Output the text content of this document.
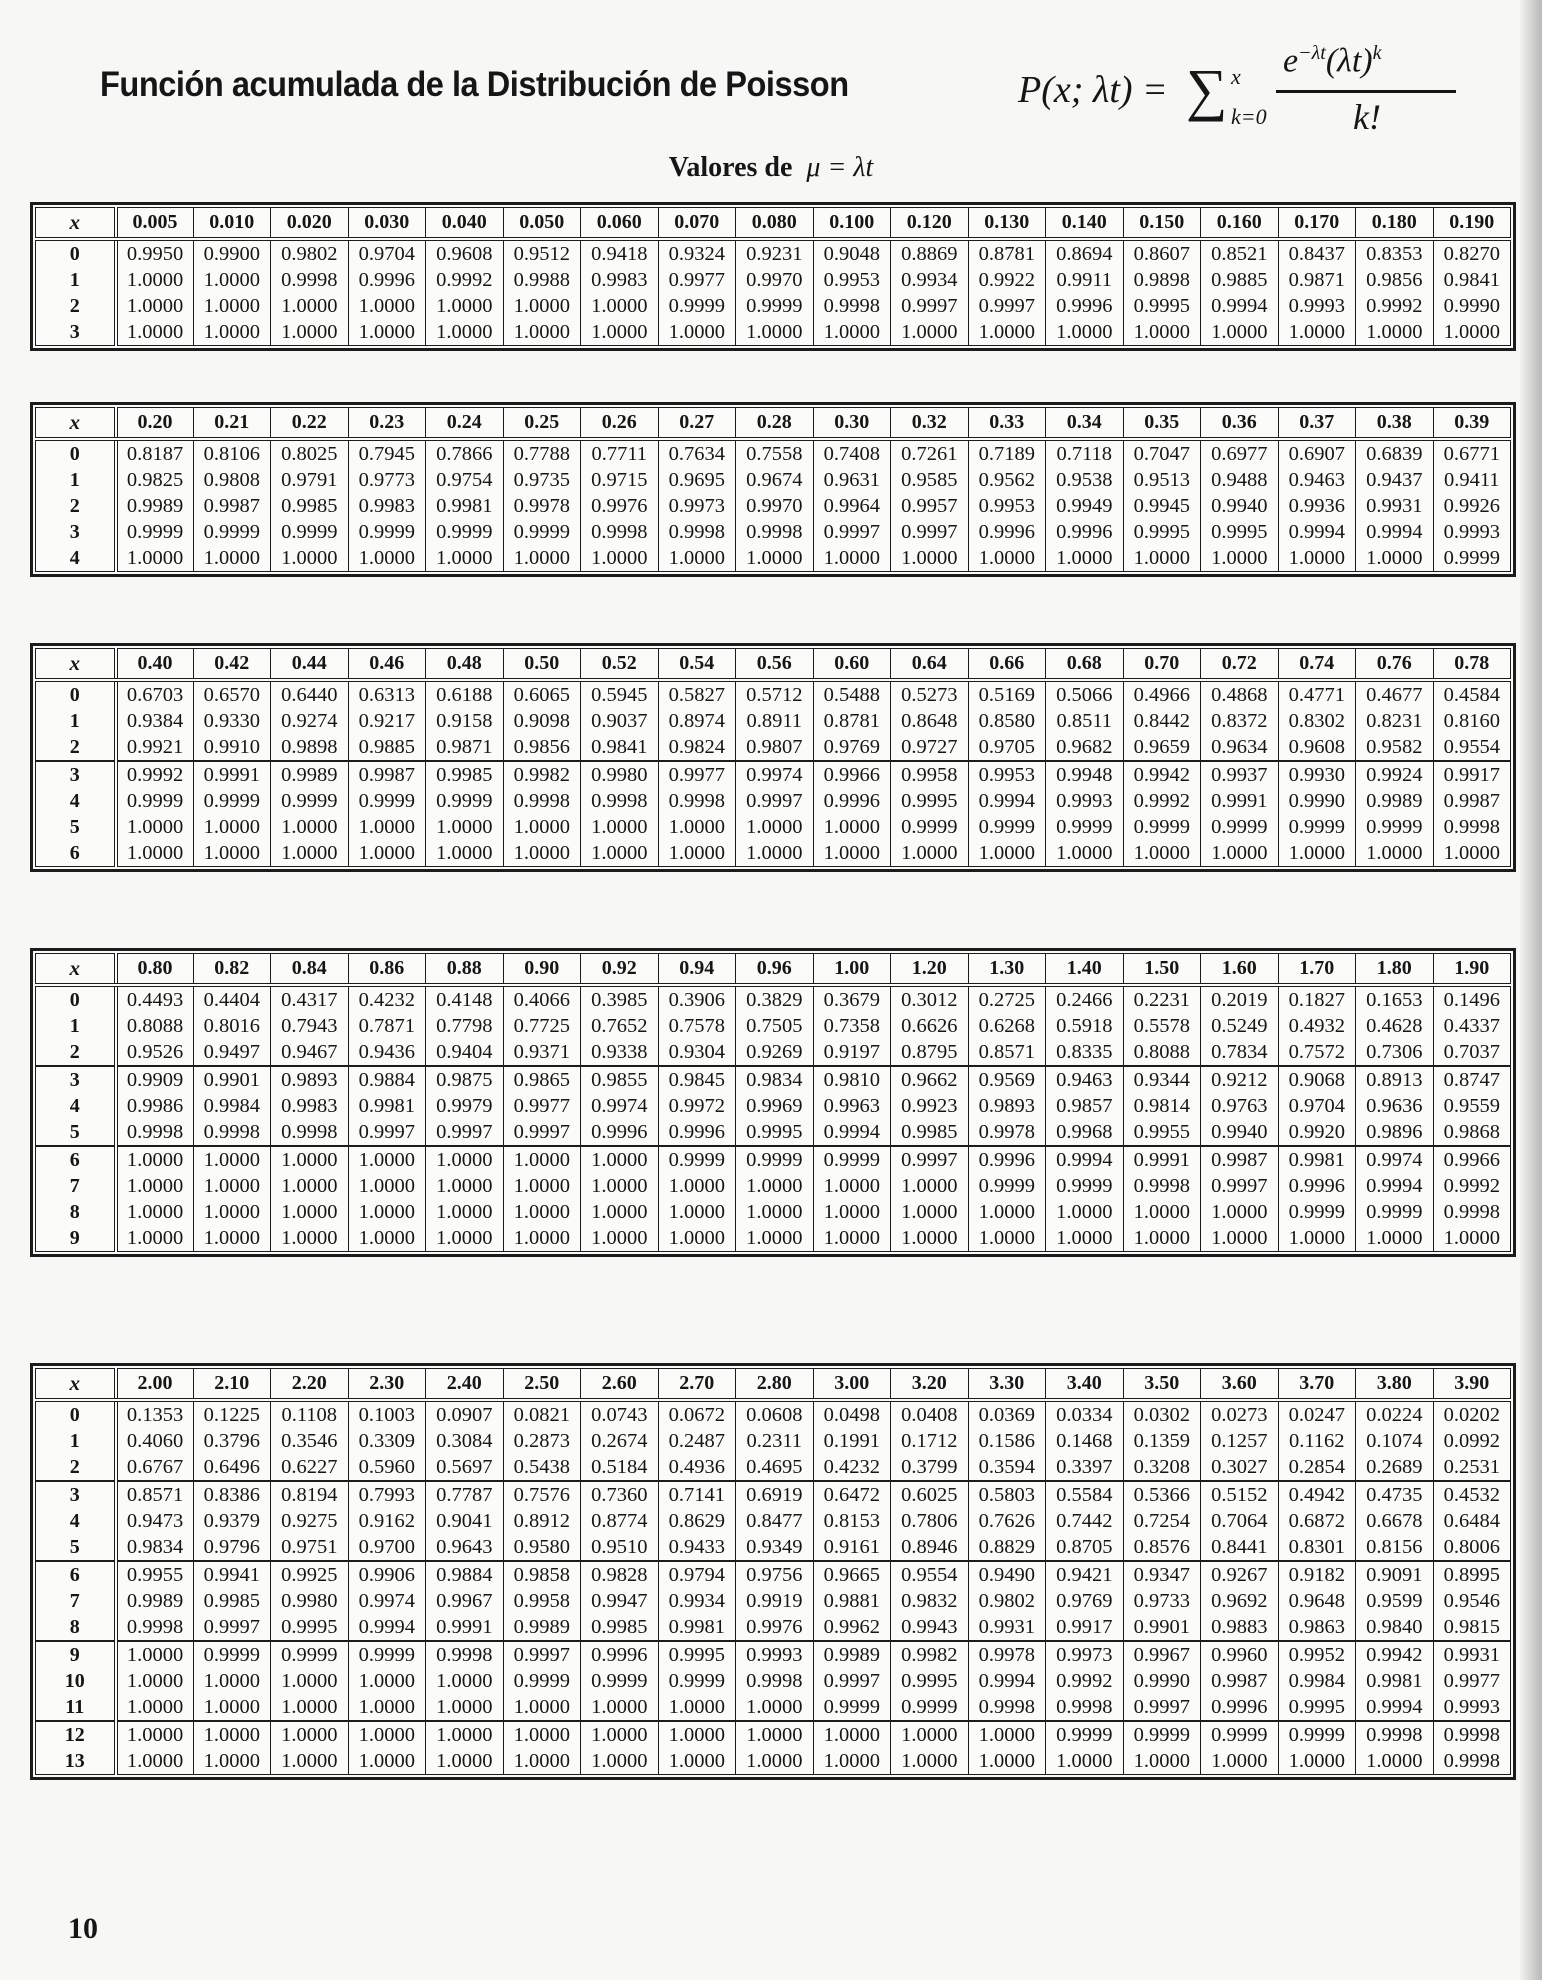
Función acumulada de la Distribución de Poisson	P(x; λt) = ∑ x
k=0
$e^{-\lambda t}(\lambda t)^k$
k!
Valores de μ = λt
x	0.005	0.010	0.020	0.030	0.040	0.050	0.060	0.070	0.080	0.100	0.120	0.130	0.140	0.150	0.160	0.170	0.180	0.190
0	0.9950	0.9900	0.9802	0.9704	0.9608	0.9512	0.9418	0.9324	0.9231	0.9048	0.8869	0.8781	0.8694	0.8607	0.8521	0.8437	0.8353	0.8270
1	1.0000	1.0000	0.9998	0.9996	0.9992	0.9988	0.9983	0.9977	0.9970	0.9953	0.9934	0.9922	0.9911	0.9898	0.9885	0.9871	0.9856	0.9841
2	1.0000	1.0000	1.0000	1.0000	1.0000	1.0000	1.0000	0.9999	0.9999	0.9998	0.9997	0.9997	0.9996	0.9995	0.9994	0.9993	0.9992	0.9990
3	1.0000	1.0000	1.0000	1.0000	1.0000	1.0000	1.0000	1.0000	1.0000	1.0000	1.0000	1.0000	1.0000	1.0000	1.0000	1.0000	1.0000	1.0000
x	0.20	0.21	0.22	0.23	0.24	0.25	0.26	0.27	0.28	0.30	0.32	0.33	0.34	0.35	0.36	0.37	0.38	0.39
0	0.8187	0.8106	0.8025	0.7945	0.7866	0.7788	0.7711	0.7634	0.7558	0.7408	0.7261	0.7189	0.7118	0.7047	0.6977	0.6907	0.6839	0.6771
1	0.9825	0.9808	0.9791	0.9773	0.9754	0.9735	0.9715	0.9695	0.9674	0.9631	0.9585	0.9562	0.9538	0.9513	0.9488	0.9463	0.9437	0.9411
2	0.9989	0.9987	0.9985	0.9983	0.9981	0.9978	0.9976	0.9973	0.9970	0.9964	0.9957	0.9953	0.9949	0.9945	0.9940	0.9936	0.9931	0.9926
3	0.9999	0.9999	0.9999	0.9999	0.9999	0.9999	0.9998	0.9998	0.9998	0.9997	0.9997	0.9996	0.9996	0.9995	0.9995	0.9994	0.9994	0.9993
4	1.0000	1.0000	1.0000	1.0000	1.0000	1.0000	1.0000	1.0000	1.0000	1.0000	1.0000	1.0000	1.0000	1.0000	1.0000	1.0000	1.0000	0.9999
x	0.40	0.42	0.44	0.46	0.48	0.50	0.52	0.54	0.56	0.60	0.64	0.66	0.68	0.70	0.72	0.74	0.76	0.78
0	0.6703	0.6570	0.6440	0.6313	0.6188	0.6065	0.5945	0.5827	0.5712	0.5488	0.5273	0.5169	0.5066	0.4966	0.4868	0.4771	0.4677	0.4584
1	0.9384	0.9330	0.9274	0.9217	0.9158	0.9098	0.9037	0.8974	0.8911	0.8781	0.8648	0.8580	0.8511	0.8442	0.8372	0.8302	0.8231	0.8160
2	0.9921	0.9910	0.9898	0.9885	0.9871	0.9856	0.9841	0.9824	0.9807	0.9769	0.9727	0.9705	0.9682	0.9659	0.9634	0.9608	0.9582	0.9554
3	0.9992	0.9991	0.9989	0.9987	0.9985	0.9982	0.9980	0.9977	0.9974	0.9966	0.9958	0.9953	0.9948	0.9942	0.9937	0.9930	0.9924	0.9917
4	0.9999	0.9999	0.9999	0.9999	0.9999	0.9998	0.9998	0.9998	0.9997	0.9996	0.9995	0.9994	0.9993	0.9992	0.9991	0.9990	0.9989	0.9987
5	1.0000	1.0000	1.0000	1.0000	1.0000	1.0000	1.0000	1.0000	1.0000	1.0000	0.9999	0.9999	0.9999	0.9999	0.9999	0.9999	0.9999	0.9998
6	1.0000	1.0000	1.0000	1.0000	1.0000	1.0000	1.0000	1.0000	1.0000	1.0000	1.0000	1.0000	1.0000	1.0000	1.0000	1.0000	1.0000	1.0000
x	0.80	0.82	0.84	0.86	0.88	0.90	0.92	0.94	0.96	1.00	1.20	1.30	1.40	1.50	1.60	1.70	1.80	1.90
0	0.4493	0.4404	0.4317	0.4232	0.4148	0.4066	0.3985	0.3906	0.3829	0.3679	0.3012	0.2725	0.2466	0.2231	0.2019	0.1827	0.1653	0.1496
1	0.8088	0.8016	0.7943	0.7871	0.7798	0.7725	0.7652	0.7578	0.7505	0.7358	0.6626	0.6268	0.5918	0.5578	0.5249	0.4932	0.4628	0.4337
2	0.9526	0.9497	0.9467	0.9436	0.9404	0.9371	0.9338	0.9304	0.9269	0.9197	0.8795	0.8571	0.8335	0.8088	0.7834	0.7572	0.7306	0.7037
3	0.9909	0.9901	0.9893	0.9884	0.9875	0.9865	0.9855	0.9845	0.9834	0.9810	0.9662	0.9569	0.9463	0.9344	0.9212	0.9068	0.8913	0.8747
4	0.9986	0.9984	0.9983	0.9981	0.9979	0.9977	0.9974	0.9972	0.9969	0.9963	0.9923	0.9893	0.9857	0.9814	0.9763	0.9704	0.9636	0.9559
5	0.9998	0.9998	0.9998	0.9997	0.9997	0.9997	0.9996	0.9996	0.9995	0.9994	0.9985	0.9978	0.9968	0.9955	0.9940	0.9920	0.9896	0.9868
6	1.0000	1.0000	1.0000	1.0000	1.0000	1.0000	1.0000	0.9999	0.9999	0.9999	0.9997	0.9996	0.9994	0.9991	0.9987	0.9981	0.9974	0.9966
7	1.0000	1.0000	1.0000	1.0000	1.0000	1.0000	1.0000	1.0000	1.0000	1.0000	1.0000	0.9999	0.9999	0.9998	0.9997	0.9996	0.9994	0.9992
8	1.0000	1.0000	1.0000	1.0000	1.0000	1.0000	1.0000	1.0000	1.0000	1.0000	1.0000	1.0000	1.0000	1.0000	1.0000	0.9999	0.9999	0.9998
9	1.0000	1.0000	1.0000	1.0000	1.0000	1.0000	1.0000	1.0000	1.0000	1.0000	1.0000	1.0000	1.0000	1.0000	1.0000	1.0000	1.0000	1.0000
x	2.00	2.10	2.20	2.30	2.40	2.50	2.60	2.70	2.80	3.00	3.20	3.30	3.40	3.50	3.60	3.70	3.80	3.90
0	0.1353	0.1225	0.1108	0.1003	0.0907	0.0821	0.0743	0.0672	0.0608	0.0498	0.0408	0.0369	0.0334	0.0302	0.0273	0.0247	0.0224	0.0202
1	0.4060	0.3796	0.3546	0.3309	0.3084	0.2873	0.2674	0.2487	0.2311	0.1991	0.1712	0.1586	0.1468	0.1359	0.1257	0.1162	0.1074	0.0992
2	0.6767	0.6496	0.6227	0.5960	0.5697	0.5438	0.5184	0.4936	0.4695	0.4232	0.3799	0.3594	0.3397	0.3208	0.3027	0.2854	0.2689	0.2531
3	0.8571	0.8386	0.8194	0.7993	0.7787	0.7576	0.7360	0.7141	0.6919	0.6472	0.6025	0.5803	0.5584	0.5366	0.5152	0.4942	0.4735	0.4532
4	0.9473	0.9379	0.9275	0.9162	0.9041	0.8912	0.8774	0.8629	0.8477	0.8153	0.7806	0.7626	0.7442	0.7254	0.7064	0.6872	0.6678	0.6484
5	0.9834	0.9796	0.9751	0.9700	0.9643	0.9580	0.9510	0.9433	0.9349	0.9161	0.8946	0.8829	0.8705	0.8576	0.8441	0.8301	0.8156	0.8006
6	0.9955	0.9941	0.9925	0.9906	0.9884	0.9858	0.9828	0.9794	0.9756	0.9665	0.9554	0.9490	0.9421	0.9347	0.9267	0.9182	0.9091	0.8995
7	0.9989	0.9985	0.9980	0.9974	0.9967	0.9958	0.9947	0.9934	0.9919	0.9881	0.9832	0.9802	0.9769	0.9733	0.9692	0.9648	0.9599	0.9546
8	0.9998	0.9997	0.9995	0.9994	0.9991	0.9989	0.9985	0.9981	0.9976	0.9962	0.9943	0.9931	0.9917	0.9901	0.9883	0.9863	0.9840	0.9815
9	1.0000	0.9999	0.9999	0.9999	0.9998	0.9997	0.9996	0.9995	0.9993	0.9989	0.9982	0.9978	0.9973	0.9967	0.9960	0.9952	0.9942	0.9931
10	1.0000	1.0000	1.0000	1.0000	1.0000	0.9999	0.9999	0.9999	0.9998	0.9997	0.9995	0.9994	0.9992	0.9990	0.9987	0.9984	0.9981	0.9977
11	1.0000	1.0000	1.0000	1.0000	1.0000	1.0000	1.0000	1.0000	1.0000	0.9999	0.9999	0.9998	0.9998	0.9997	0.9996	0.9995	0.9994	0.9993
12	1.0000	1.0000	1.0000	1.0000	1.0000	1.0000	1.0000	1.0000	1.0000	1.0000	1.0000	1.0000	0.9999	0.9999	0.9999	0.9999	0.9998	0.9998
13	1.0000	1.0000	1.0000	1.0000	1.0000	1.0000	1.0000	1.0000	1.0000	1.0000	1.0000	1.0000	1.0000	1.0000	1.0000	1.0000	1.0000	0.9998
10
